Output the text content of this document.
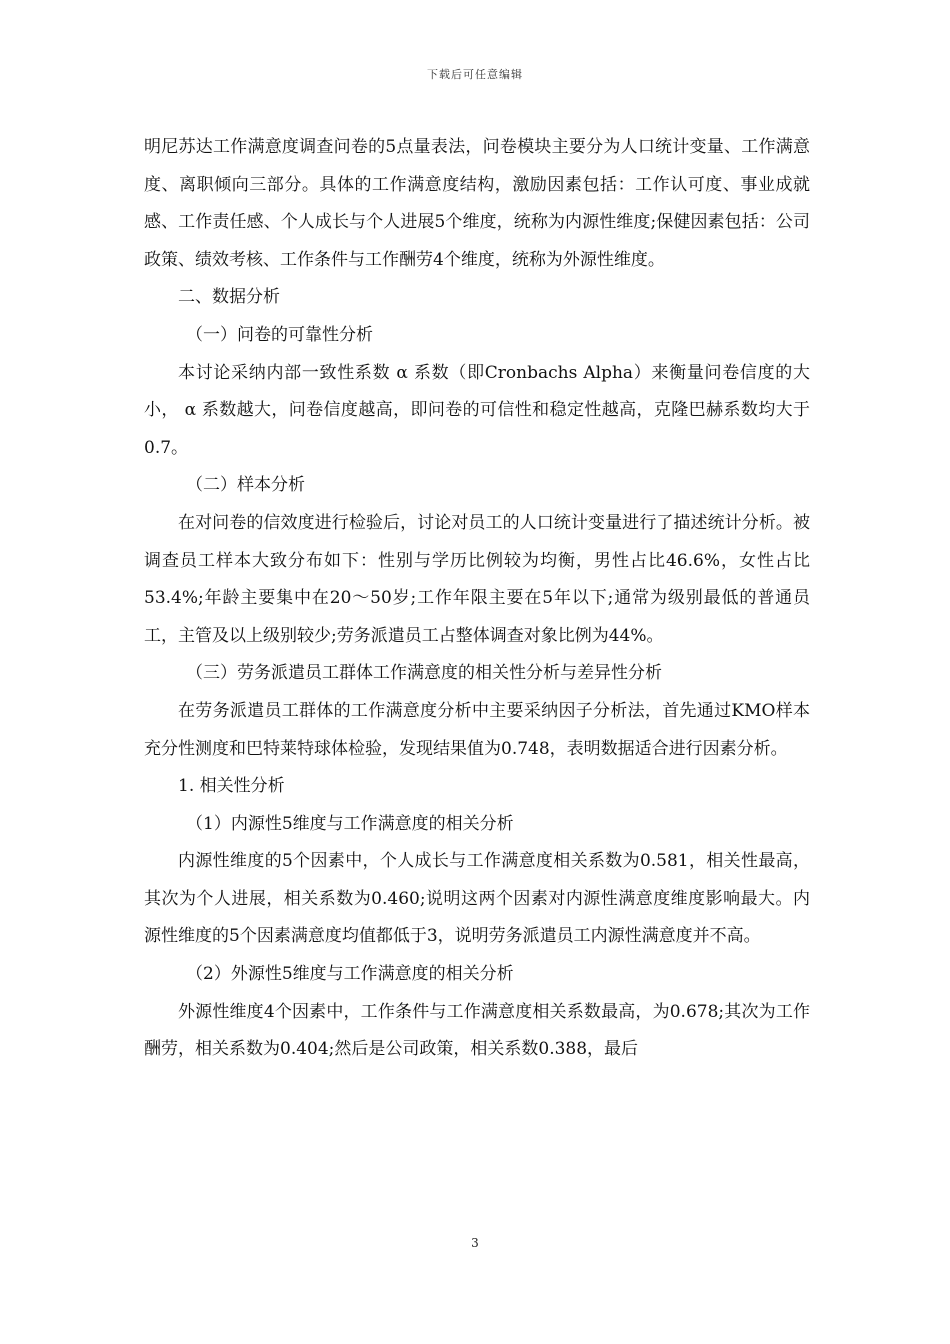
下载后可任意编辑

明尼苏达工作满意度调查问卷的5点量表法，问卷模块主要分为人口统计变量、工作满意度、离职倾向三部分。具体的工作满意度结构，激励因素包括：工作认可度、事业成就感、工作责任感、个人成长与个人进展5个维度，统称为内源性维度;保健因素包括：公司政策、绩效考核、工作条件与工作酬劳4个维度，统称为外源性维度。

二、数据分析

（一）问卷的可靠性分析

本讨论采纳内部一致性系数 α 系数（即Cronbachs Alpha）来衡量问卷信度的大小， α 系数越大，问卷信度越高，即问卷的可信性和稳定性越高，克隆巴赫系数均大于0.7。

（二）样本分析

在对问卷的信效度进行检验后，讨论对员工的人口统计变量进行了描述统计分析。被调查员工样本大致分布如下：性别与学历比例较为均衡，男性占比46.6%，女性占比53.4%;年龄主要集中在20～50岁;工作年限主要在5年以下;通常为级别最低的普通员工，主管及以上级别较少;劳务派遣员工占整体调查对象比例为44%。

（三）劳务派遣员工群体工作满意度的相关性分析与差异性分析

在劳务派遣员工群体的工作满意度分析中主要采纳因子分析法，首先通过KMO样本充分性测度和巴特莱特球体检验，发现结果值为0.748，表明数据适合进行因素分析。

1. 相关性分析

（1）内源性5维度与工作满意度的相关分析

内源性维度的5个因素中，个人成长与工作满意度相关系数为0.581，相关性最高，其次为个人进展，相关系数为0.460;说明这两个因素对内源性满意度维度影响最大。内源性维度的5个因素满意度均值都低于3，说明劳务派遣员工内源性满意度并不高。

（2）外源性5维度与工作满意度的相关分析

外源性维度4个因素中，工作条件与工作满意度相关系数最高，为0.678;其次为工作酬劳，相关系数为0.404;然后是公司政策，相关系数0.388，最后

3
